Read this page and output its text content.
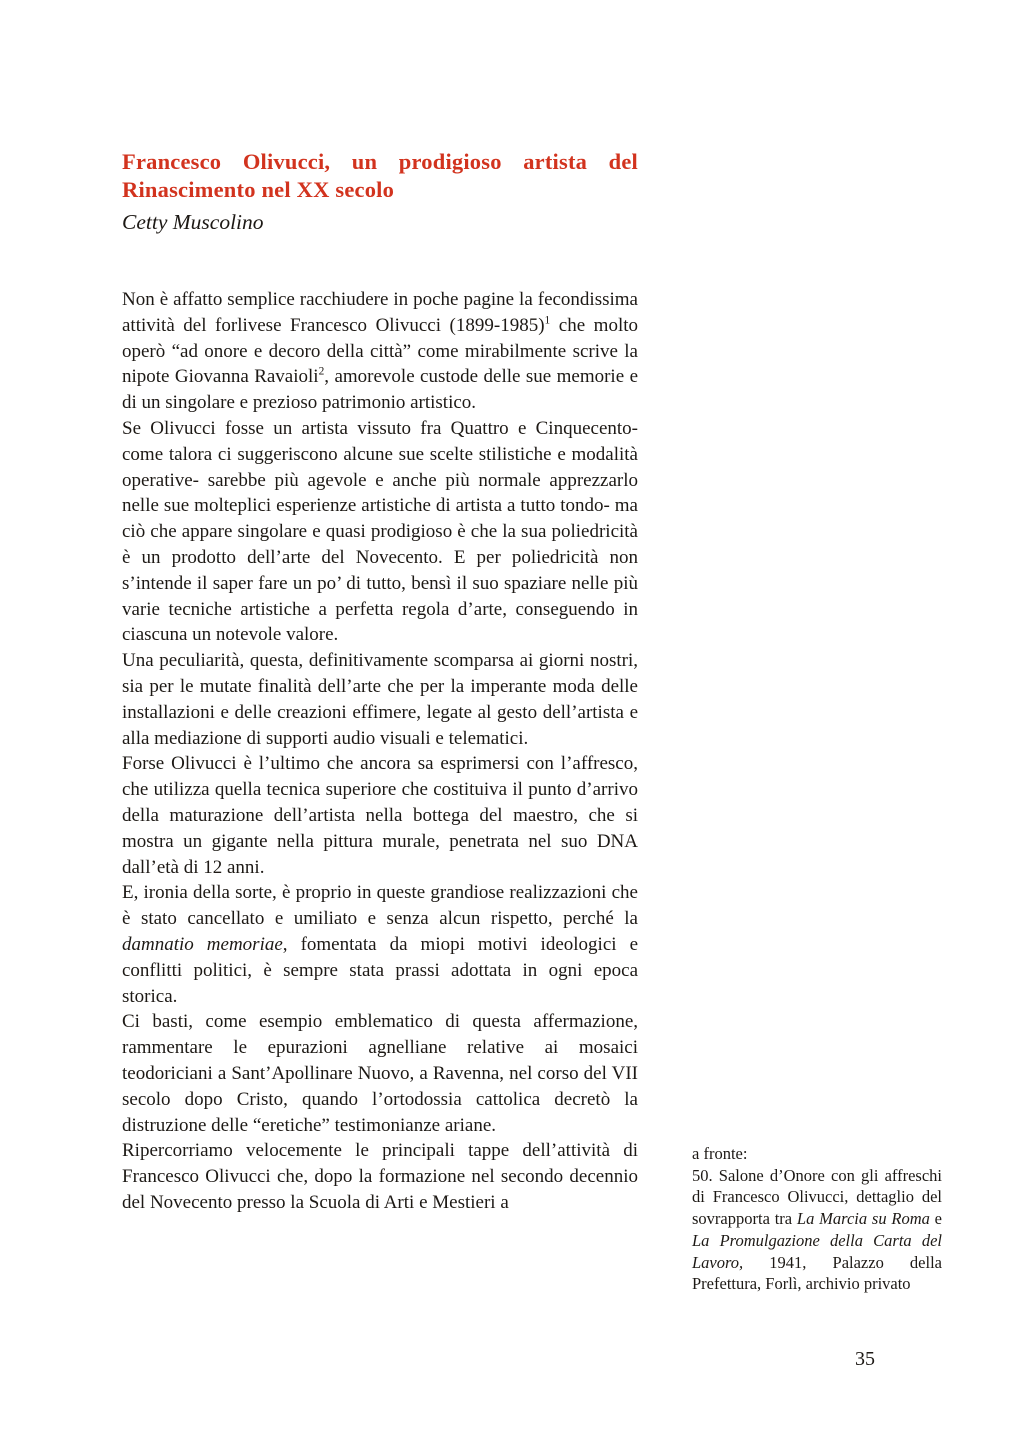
Francesco Olivucci, un prodigioso artista del Rinascimento nel XX secolo
Cetty Muscolino

Non è affatto semplice racchiudere in poche pagine la fecondissima attività del forlivese Francesco Olivucci (1899-1985)$^1$ che molto operò “ad onore e decoro della città” come mirabilmente scrive la nipote Giovanna Ravaioli$^2$, amorevole custode delle sue memorie e di un singolare e prezioso patrimonio artistico.

Se Olivucci fosse un artista vissuto fra Quattro e Cinquecento- come talora ci suggeriscono alcune sue scelte stilistiche e modalità operative- sarebbe più agevole e anche più normale apprezzarlo nelle sue molteplici esperienze artistiche di artista a tutto tondo- ma ciò che appare singolare e quasi prodigioso è che la sua poliedricità è un prodotto dell’arte del Novecento. E per poliedricità non s’intende il saper fare un po’ di tutto, bensì il suo spaziare nelle più varie tecniche artistiche a perfetta regola d’arte, conseguendo in ciascuna un notevole valore.

Una peculiarità, questa, definitivamente scomparsa ai giorni nostri, sia per le mutate finalità dell’arte che per la imperante moda delle installazioni e delle creazioni effimere, legate al gesto dell’artista e alla mediazione di supporti audio visuali e telematici.

Forse Olivucci è l’ultimo che ancora sa esprimersi con l’affresco, che utilizza quella tecnica superiore che costituiva il punto d’arrivo della maturazione dell’artista nella bottega del maestro, che si mostra un gigante nella pittura murale, penetrata nel suo DNA dall’età di 12 anni.

E, ironia della sorte, è proprio in queste grandiose realizzazioni che è stato cancellato e umiliato e senza alcun rispetto, perché la damnatio memoriae, fomentata da miopi motivi ideologici e conflitti politici, è sempre stata prassi adottata in ogni epoca storica.

Ci basti, come esempio emblematico di questa affermazione, rammentare le epurazioni agnelliane relative ai mosaici teodoriciani a Sant’Apollinare Nuovo, a Ravenna, nel corso del VII secolo dopo Cristo, quando l’ortodossia cattolica decretò la distruzione delle “eretiche” testimonianze ariane.

Ripercorriamo velocemente le principali tappe dell’attività di Francesco Olivucci che, dopo la formazione nel secondo decennio del Novecento presso la Scuola di Arti e Mestieri a

a fronte:

50. Salone d’Onore con gli affreschi di Francesco Olivucci, dettaglio del sovrapporta tra La Marcia su Roma e La Promulgazione della Carta del Lavoro, 1941, Palazzo della Prefettura, Forlì, archivio privato

35
